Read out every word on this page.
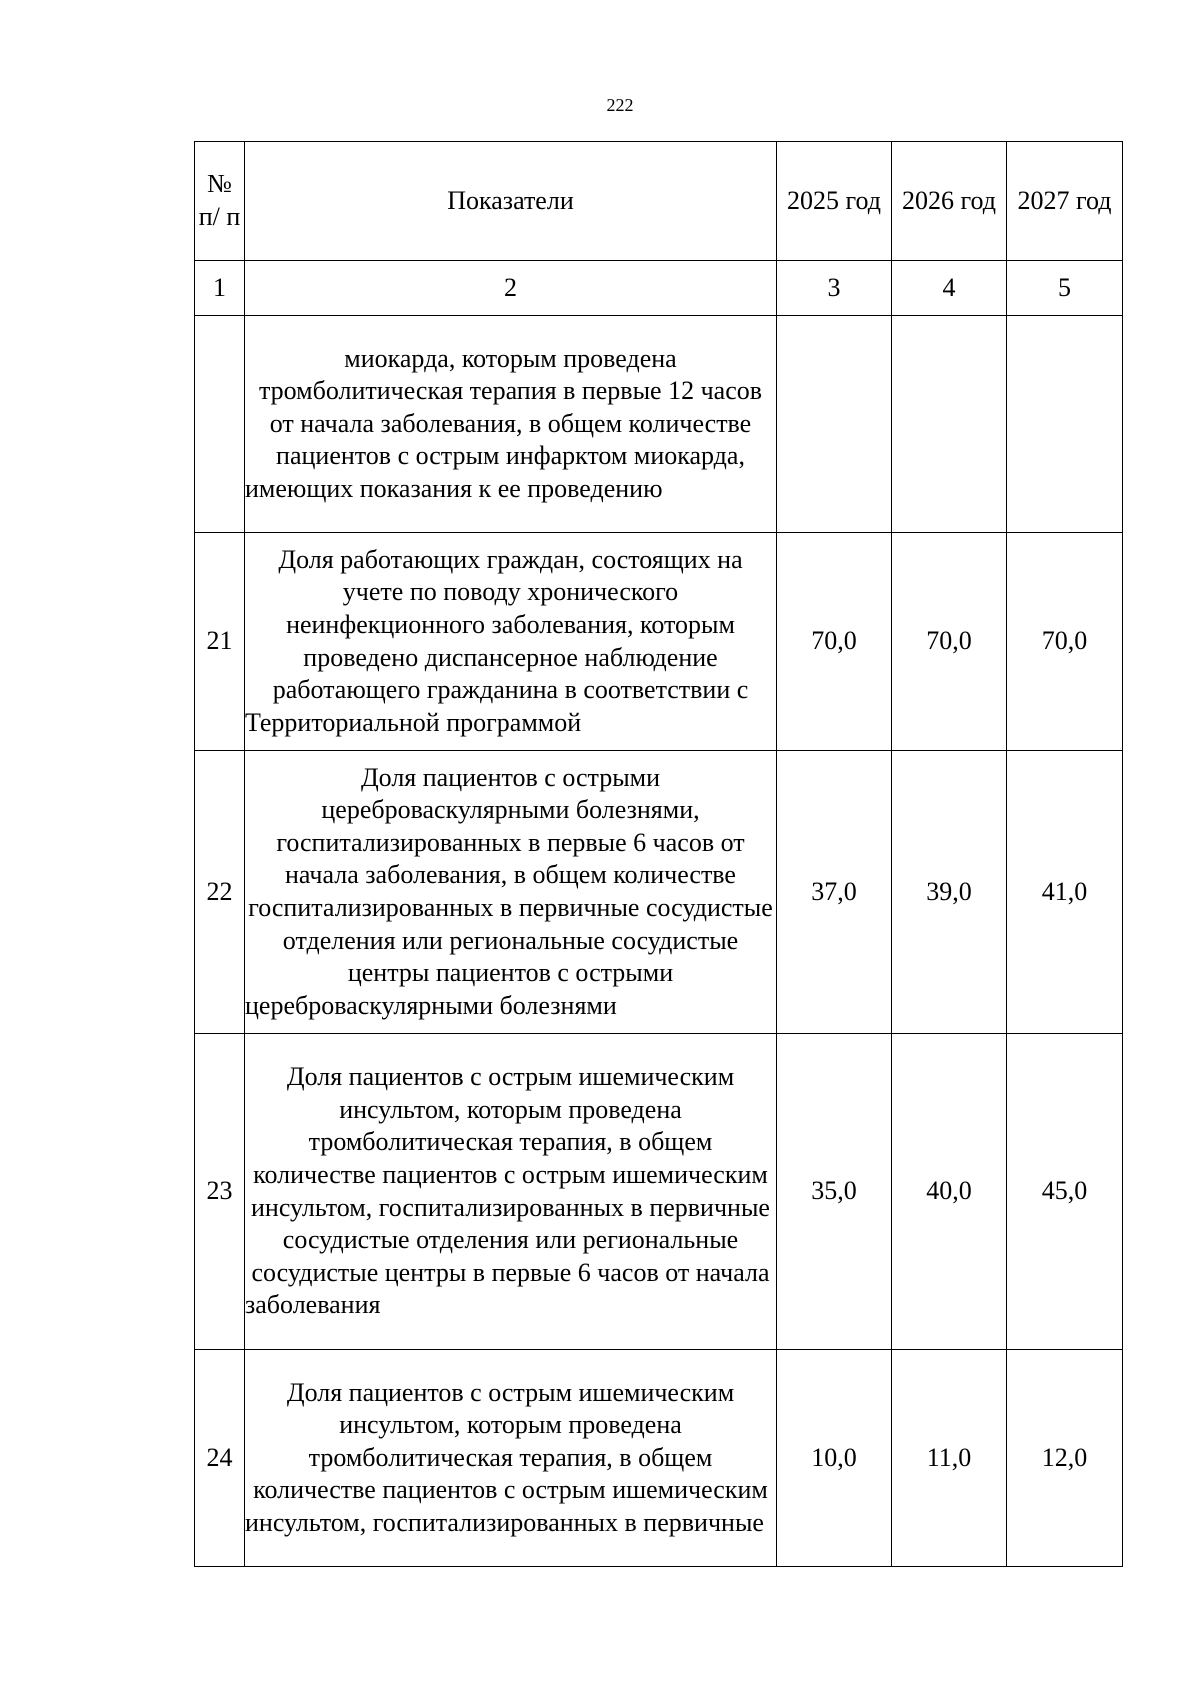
222
№ п/ п	Показатели	2025 год	2026 год	2027 год
1	2	3	4	5
	миокарда, которым проведена тромболитическая терапия в первые 12 часов от начала заболевания, в общем количестве пациентов с острым инфарктом миокарда, имеющих показания к ее проведению			
21	Доля работающих граждан, состоящих на учете по поводу хронического неинфекционного заболевания, которым проведено диспансерное наблюдение работающего гражданина в соответствии с Территориальной программой	70,0	70,0	70,0
22	Доля пациентов с острыми цереброваскулярными болезнями, госпитализированных в первые 6 часов от начала заболевания, в общем количестве госпитализированных в первичные сосудистые отделения или региональные сосудистые центры пациентов с острыми цереброваскулярными болезнями	37,0	39,0	41,0
23	Доля пациентов с острым ишемическим инсультом, которым проведена тромболитическая терапия, в общем количестве пациентов с острым ишемическим инсультом, госпитализированных в первичные сосудистые отделения или региональные сосудистые центры в первые 6 часов от начала заболевания	35,0	40,0	45,0
24	Доля пациентов с острым ишемическим инсультом, которым проведена тромболитическая терапия, в общем количестве пациентов с острым ишемическим инсультом, госпитализированных в первичные	10,0	11,0	12,0
